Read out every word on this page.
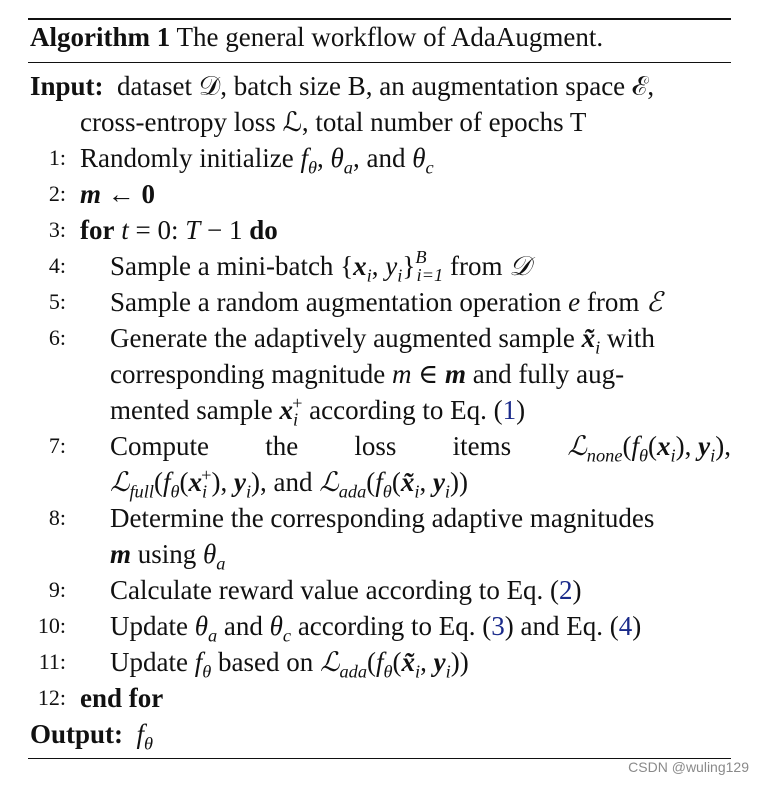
Algorithm 1 The general workflow of AdaAugment.
Input: dataset 𝒟, batch size B, an augmentation space ℰ,
cross-entropy loss ℒ, total number of epochs T
1: Randomly initialize $f_\theta$, $\theta_a$, and $\theta_c$
2: m ← 0
3: for t = 0: T − 1 do
4: Sample a mini-batch {$x_i$, $y_i\}^B_{i=1}$ from 𝒟
5: Sample a random augmentation operation e from ℰ
6: Generate the adaptively augmented sample $x̃_i$ with
corresponding magnitude m ∈ m and fully aug-
mented sample $x_i^+$ according to Eq. (1)
7: Compute the loss items $ℒ_{none}(f_\theta(x_i)$, $y_i$),
$ℒ_{full}(f_\theta(x_i^+)$, $y_i$), and $ℒ_{ada}(f_\theta(x̃_i$, $y_i$))
8: Determine the corresponding adaptive magnitudes
m using $\theta_a$
9: Calculate reward value according to Eq. (2)
10: Update $\theta_a$ and $\theta_c$ according to Eq. (3) and Eq. (4)
11: Update $f_\theta$ based on $ℒ_{ada}(f_\theta(x̃_i$, $y_i$))
12: end for
Output: $f_\theta$
CSDN @wuling129
